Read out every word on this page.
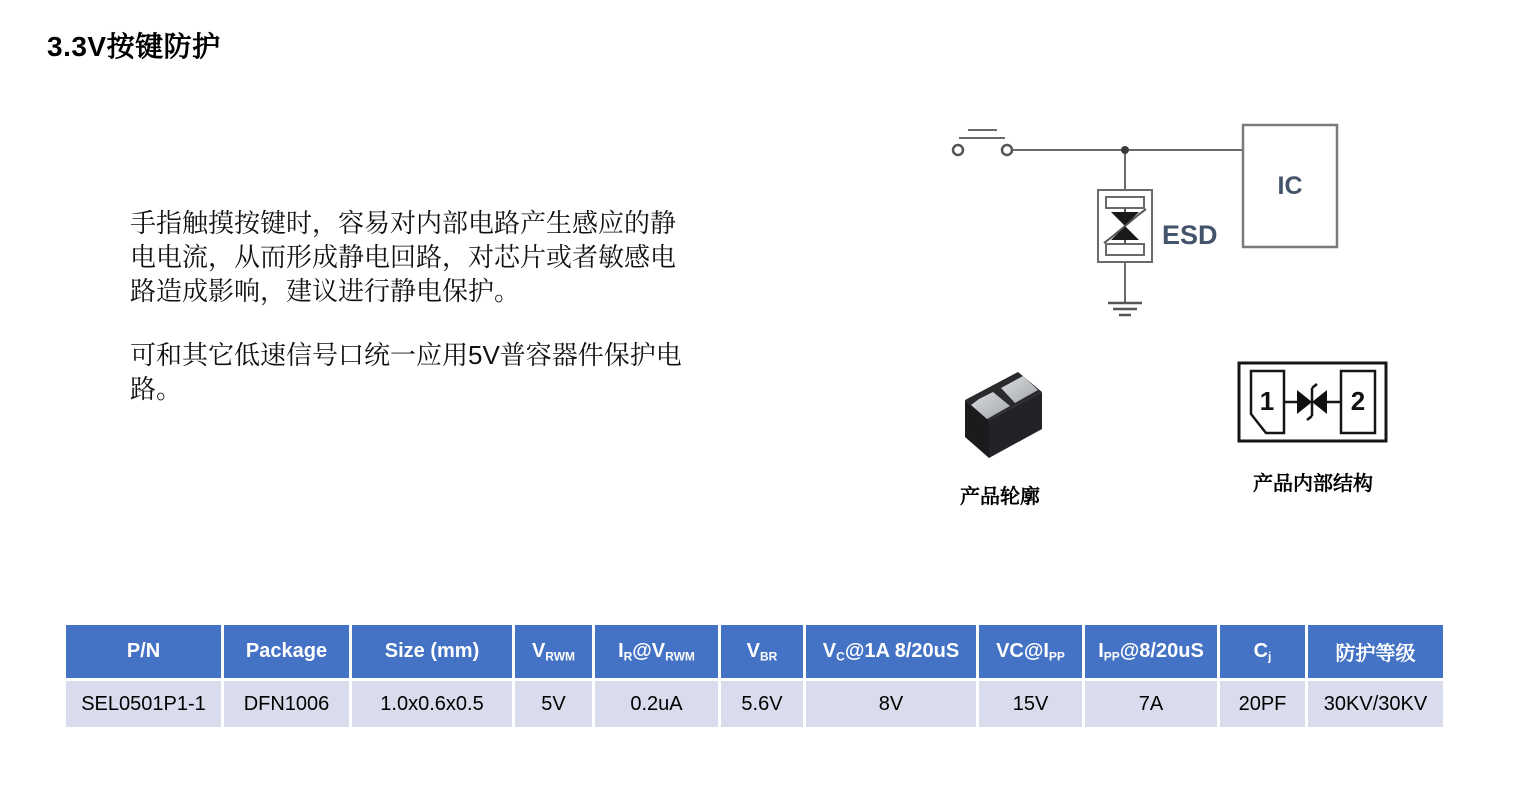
3.3V按键防护

手指触摸按键时，容易对内部电路产生感应的静电电流，从而形成静电回路，对芯片或者敏感电路造成影响，建议进行静电保护。

可和其它低速信号口统一应用5V普容器件保护电路。

IC
ESD
产品轮廓
1	2
产品内部结构
P/N	Package	Size (mm)	$V_{RWM}$	$I_R@V_{RWM}$	$V_{BR}$	$V_C@1A$ 8/20uS	$VC@I_{PP}$	$I_{PP}@8/20uS$	$C_j$	防护等级
SEL0501P1-1	DFN1006	1.0x0.6x0.5	5V	0.2uA	5.6V	8V	15V	7A	20PF	30KV/30KV
